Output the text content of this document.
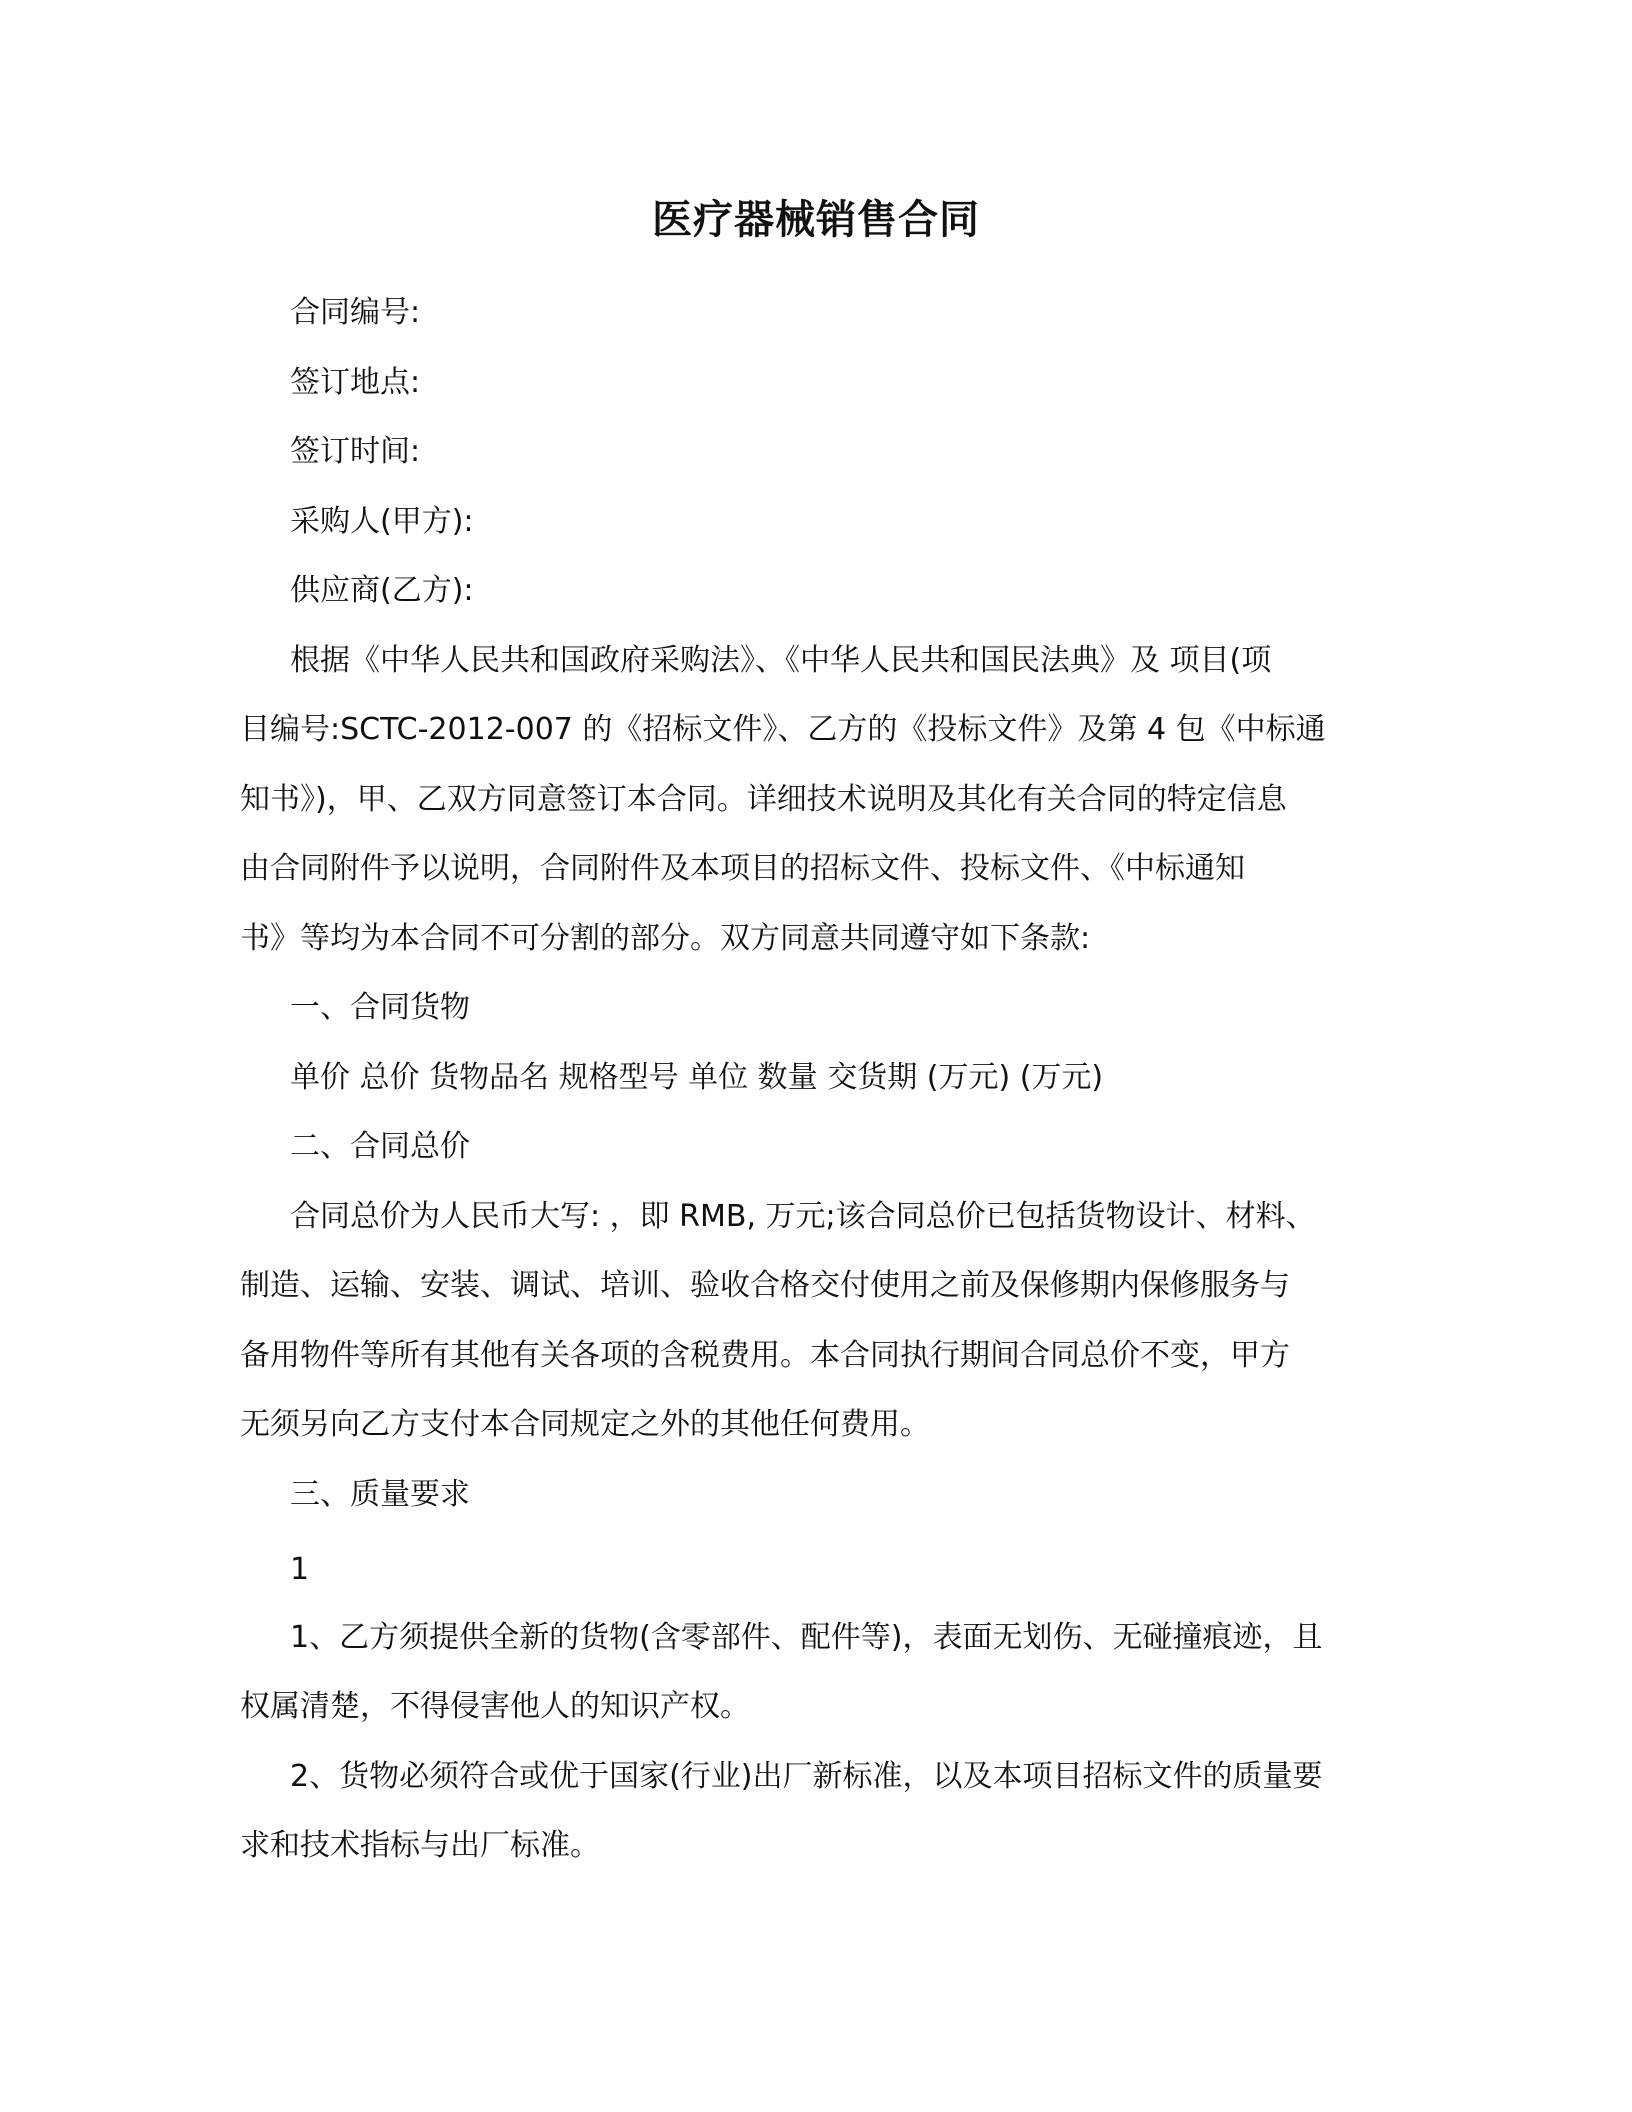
医疗器械销售合同
合同编号:
签订地点:
签订时间:
采购人(甲方):
供应商(乙方):
根据《中华人民共和国政府采购法》、《中华人民共和国民法典》及 项目(项
目编号:SCTC-2012-007 的《招标文件》、乙方的《投标文件》及第 4 包《中标通
知书》)，甲、乙双方同意签订本合同。详细技术说明及其化有关合同的特定信息
由合同附件予以说明，合同附件及本项目的招标文件、投标文件、《中标通知
书》等均为本合同不可分割的部分。双方同意共同遵守如下条款:
一、合同货物
单价 总价 货物品名 规格型号 单位 数量 交货期 (万元) (万元)
二、合同总价
合同总价为人民币大写: ，即 RMB, 万元;该合同总价已包括货物设计、材料、
制造、运输、安装、调试、培训、验收合格交付使用之前及保修期内保修服务与
备用物件等所有其他有关各项的含税费用。本合同执行期间合同总价不变，甲方
无须另向乙方支付本合同规定之外的其他任何费用。
三、质量要求
1
1、乙方须提供全新的货物(含零部件、配件等)，表面无划伤、无碰撞痕迹，且
权属清楚，不得侵害他人的知识产权。
2、货物必须符合或优于国家(行业)出厂新标准，以及本项目招标文件的质量要
求和技术指标与出厂标准。
